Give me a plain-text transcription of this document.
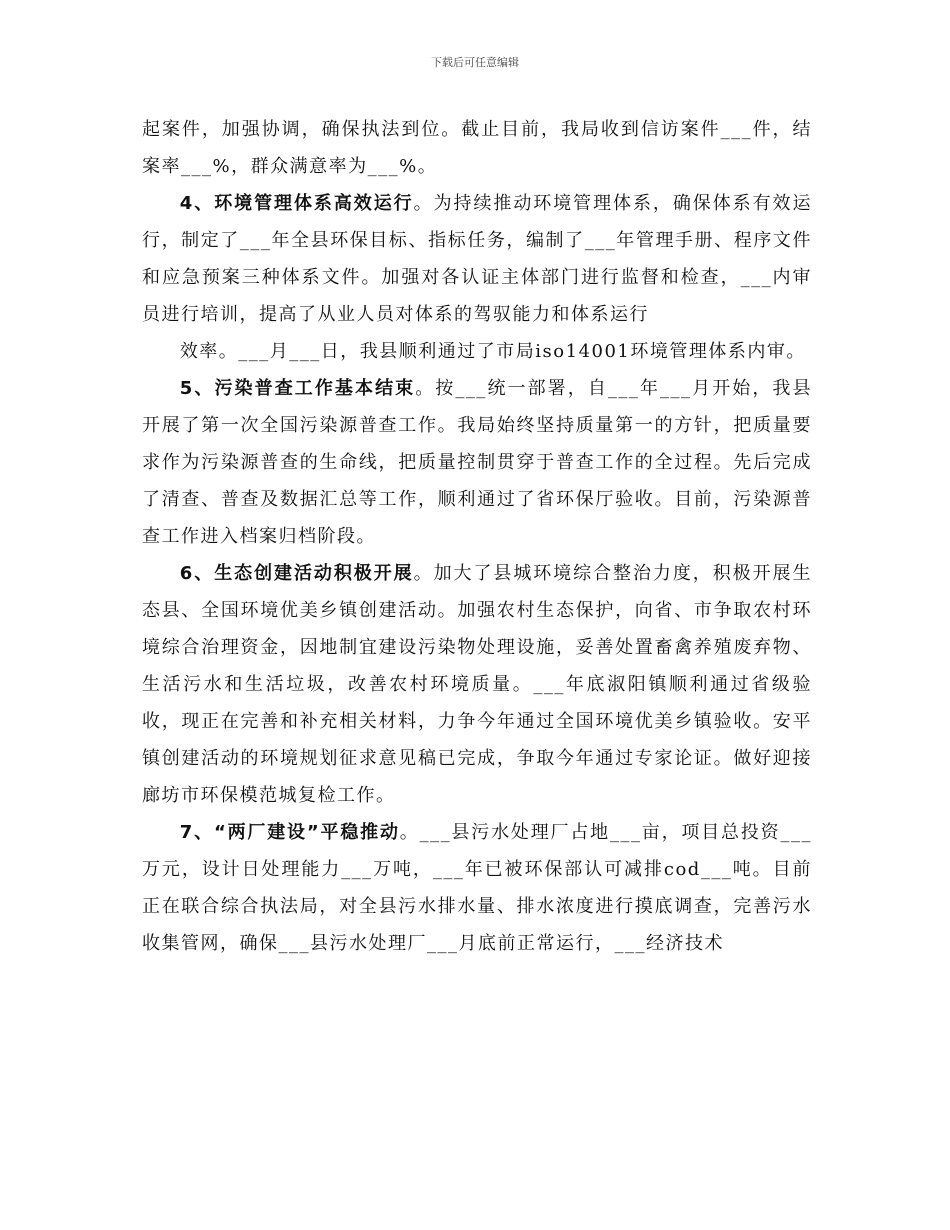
下载后可任意编辑

起案件，加强协调，确保执法到位。截止目前，我局收到信访案件___件，结案率___%，群众满意率为___%。

4、环境管理体系高效运行。为持续推动环境管理体系，确保体系有效运行，制定了___年全县环保目标、指标任务，编制了___年管理手册、程序文件和应急预案三种体系文件。加强对各认证主体部门进行监督和检查，___内审员进行培训，提高了从业人员对体系的驾驭能力和体系运行

效率。___月___日，我县顺利通过了市局iso14001环境管理体系内审。

5、污染普查工作基本结束。按___统一部署，自___年___月开始，我县开展了第一次全国污染源普查工作。我局始终坚持质量第一的方针，把质量要求作为污染源普查的生命线，把质量控制贯穿于普查工作的全过程。先后完成了清查、普查及数据汇总等工作，顺利通过了省环保厅验收。目前，污染源普查工作进入档案归档阶段。

6、生态创建活动积极开展。加大了县城环境综合整治力度，积极开展生态县、全国环境优美乡镇创建活动。加强农村生态保护，向省、市争取农村环境综合治理资金，因地制宜建设污染物处理设施，妥善处置畜禽养殖废弃物、生活污水和生活垃圾，改善农村环境质量。___年底淑阳镇顺利通过省级验收，现正在完善和补充相关材料，力争今年通过全国环境优美乡镇验收。安平镇创建活动的环境规划征求意见稿已完成，争取今年通过专家论证。做好迎接廊坊市环保模范城复检工作。

7、“两厂建设”平稳推动。___县污水处理厂占地___亩，项目总投资___万元，设计日处理能力___万吨，___年已被环保部认可减排cod___吨。目前正在联合综合执法局，对全县污水排水量、排水浓度进行摸底调查，完善污水收集管网，确保___县污水处理厂___月底前正常运行，___经济技术
